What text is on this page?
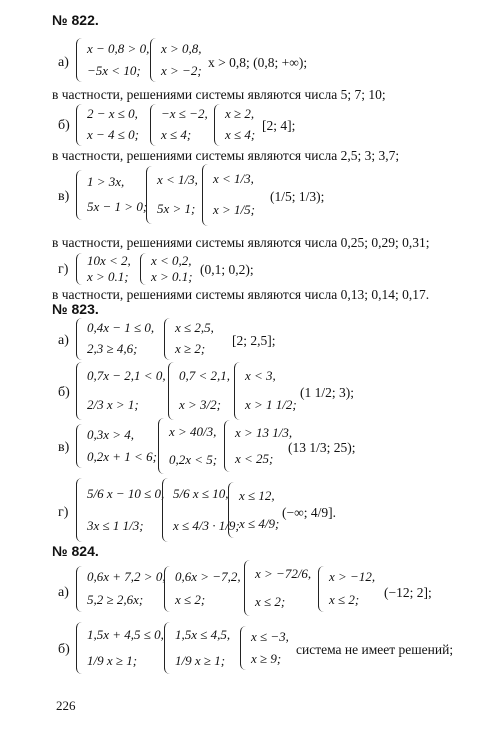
№ 822.
а)
x − 0,8 > 0,
−5x < 10;
x > 0,8,
x > −2;
x > 0,8; (0,8; +∞);
в частности, решениями системы являются числа 5; 7; 10;
б)
2 − x ≤ 0,
x − 4 ≤ 0;
−x ≤ −2,
x ≤ 4;
x ≥ 2,
x ≤ 4;
[2; 4];
в частности, решениями системы являются числа 2,5; 3; 3,7;
в)
1 > 3x,
5x − 1 > 0;
x < 1/3,
5x > 1;
x < 1/3,
x > 1/5;
(1/5; 1/3);
в частности, решениями системы являются числа 0,25; 0,29; 0,31;
г)
10x < 2,
x > 0.1;
x < 0,2,
x > 0.1; (0,1; 0,2);
в частности, решениями системы являются числа 0,13; 0,14; 0,17.
№ 823.
а)
0,4x − 1 ≤ 0,
2,3 ≥ 4,6;
x ≤ 2,5,
x ≥ 2;
[2; 2,5];
б)
0,7x − 2,1 < 0,
2/3 x > 1;
0,7 < 2,1,
x > 3/2;
x < 3,
x > 1 1/2;
(1 1/2; 3);
в)
0,3x > 4,
0,2x + 1 < 6;
x > 40/3,
0,2x < 5;
x > 13 1/3,
x < 25;
(13 1/3; 25);
г)
5/6 x − 10 ≤ 0,
3x ≤ 1 1/3;
5/6 x ≤ 10,
x ≤ 4/3 · 1/9;
x ≤ 12,
x ≤ 4/9;
(−∞; 4/9].
№ 824.
а)
0,6x + 7,2 > 0,
5,2 ≥ 2,6x;
0,6x > −7,2,
x ≤ 2;
x > −72/6,
x ≤ 2;
x > −12,
x ≤ 2;	(−12; 2];
б)
1,5x + 4,5 ≤ 0,
1/9 x ≥ 1;
1,5x ≤ 4,5,
1/9 x ≥ 1;
x ≤ −3,
x ≥ 9;
система не имеет решений;
226
